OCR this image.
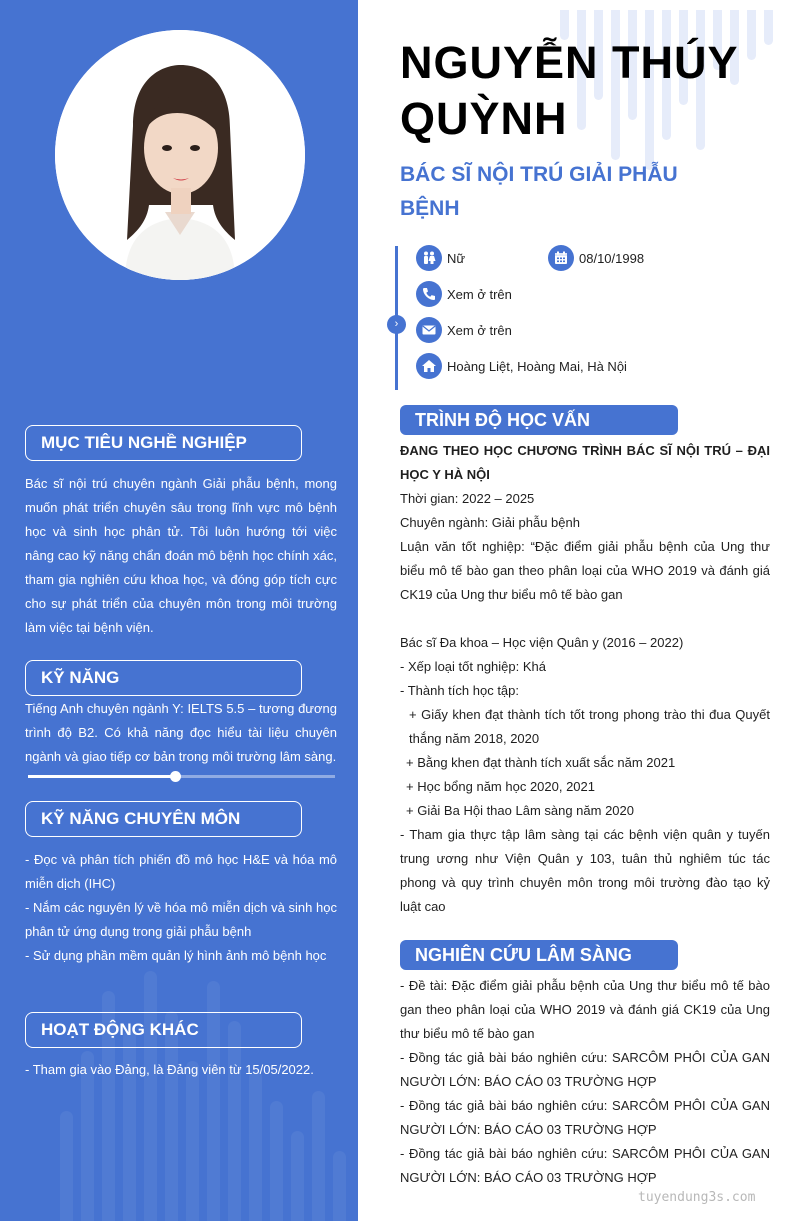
MỤC TIÊU NGHỀ NGHIỆP
Bác sĩ nội trú chuyên ngành Giải phẫu bệnh, mong muốn phát triển chuyên sâu trong lĩnh vực mô bệnh học và sinh học phân tử. Tôi luôn hướng tới việc nâng cao kỹ năng chẩn đoán mô bệnh học chính xác, tham gia nghiên cứu khoa học, và đóng góp tích cực cho sự phát triển của chuyên môn trong môi trường làm việc tại bệnh viện.
KỸ NĂNG
Tiếng Anh chuyên ngành Y: IELTS 5.5 – tương đương trình độ B2. Có khả năng đọc hiểu tài liệu chuyên ngành và giao tiếp cơ bản trong môi trường lâm sàng.
KỸ NĂNG CHUYÊN MÔN
- Đọc và phân tích phiến đồ mô học H&E và hóa mô miễn dịch (IHC)
- Nắm các nguyên lý về hóa mô miễn dịch và sinh học phân tử ứng dụng trong giải phẫu bệnh
- Sử dụng phần mềm quản lý hình ảnh mô bệnh học
HOẠT ĐỘNG KHÁC
- Tham gia vào Đảng, là Đảng viên từ 15/05/2022.
NGUYỄN THÚY QUỲNH
BÁC SĨ NỘI TRÚ GIẢI PHẪU BỆNH
›
Nữ	08/10/1998
Xem ở trên
Xem ở trên
Hoàng Liệt, Hoàng Mai, Hà Nội
TRÌNH ĐỘ HỌC VẤN
ĐANG THEO HỌC CHƯƠNG TRÌNH BÁC SĨ NỘI TRÚ – ĐẠI HỌC Y HÀ NỘI
Thời gian: 2022 – 2025
Chuyên ngành: Giải phẫu bệnh
Luận văn tốt nghiệp: “Đặc điểm giải phẫu bệnh của Ung thư biểu mô tế bào gan theo phân loại của WHO 2019 và đánh giá CK19 của Ung thư biểu mô tế bào gan
Bác sĩ Đa khoa – Học viện Quân y (2016 – 2022)
- Xếp loại tốt nghiệp: Khá
- Thành tích học tập:
+ Giấy khen đạt thành tích tốt trong phong trào thi đua Quyết thắng năm 2018, 2020
+ Bằng khen đạt thành tích xuất sắc năm 2021
+ Học bổng năm học 2020, 2021
+ Giải Ba Hội thao Lâm sàng năm 2020
- Tham gia thực tập lâm sàng tại các bệnh viện quân y tuyến trung ương như Viện Quân y 103, tuân thủ nghiêm túc tác phong và quy trình chuyên môn trong môi trường đào tạo kỷ luật cao
NGHIÊN CỨU LÂM SÀNG
- Đề tài: Đặc điểm giải phẫu bệnh của Ung thư biểu mô tế bào gan theo phân loại của WHO 2019 và đánh giá CK19 của Ung thư biểu mô tế bào gan
- Đồng tác giả bài báo nghiên cứu: SARCÔM PHÔI CỦA GAN NGƯỜI LỚN: BÁO CÁO 03 TRƯỜNG HỢP
- Đồng tác giả bài báo nghiên cứu: SARCÔM PHÔI CỦA GAN NGƯỜI LỚN: BÁO CÁO 03 TRƯỜNG HỢP
- Đồng tác giả bài báo nghiên cứu: SARCÔM PHÔI CỦA GAN NGƯỜI LỚN: BÁO CÁO 03 TRƯỜNG HỢP
tuyendung3s.com
